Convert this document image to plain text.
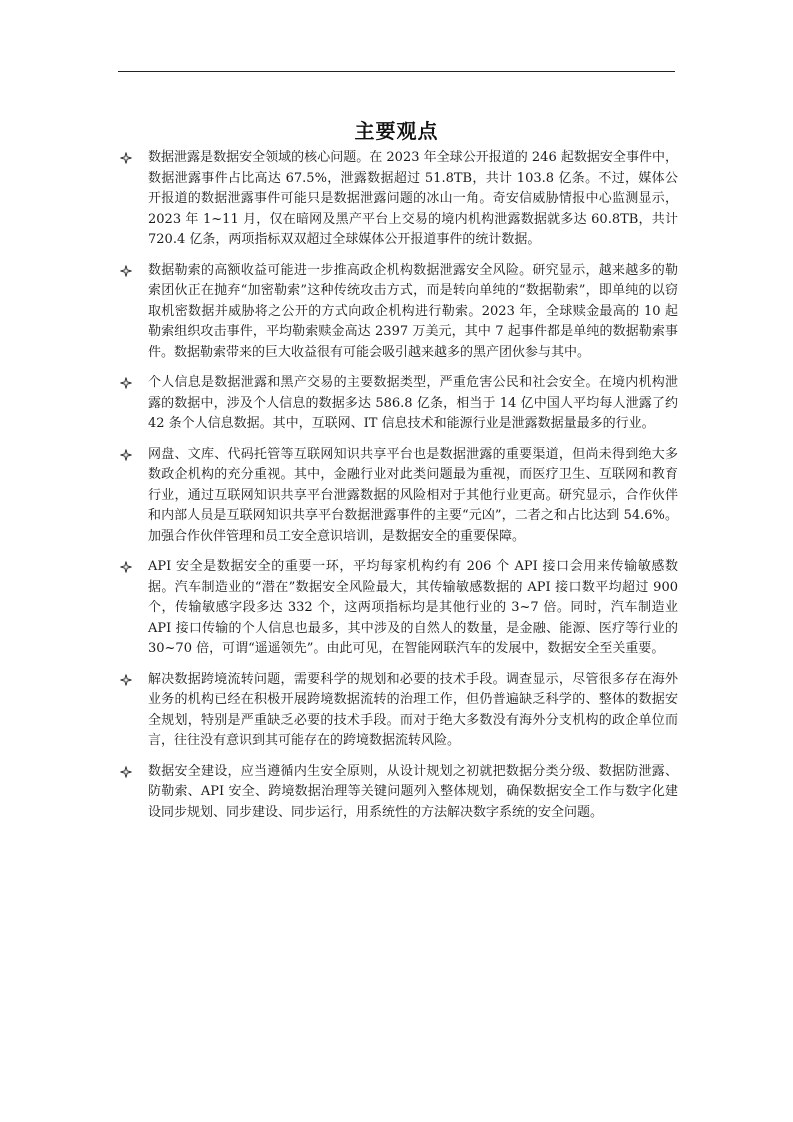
主要观点
数据泄露是数据安全领域的核心问题。在 2023 年全球公开报道的 246 起数据安全事件中，数据泄露事件占比高达 67.5%，泄露数据超过 51.8TB，共计 103.8 亿条。不过，媒体公开报道的数据泄露事件可能只是数据泄露问题的冰山一角。奇安信威胁情报中心监测显示，2023 年 1~11 月，仅在暗网及黑产平台上交易的境内机构泄露数据就多达 60.8TB，共计 720.4 亿条，两项指标双双超过全球媒体公开报道事件的统计数据。
数据勒索的高额收益可能进一步推高政企机构数据泄露安全风险。研究显示，越来越多的勒索团伙正在抛弃“加密勒索”这种传统攻击方式，而是转向单纯的“数据勒索”，即单纯的以窃取机密数据并威胁将之公开的方式向政企机构进行勒索。2023 年，全球赎金最高的 10 起勒索组织攻击事件，平均勒索赎金高达 2397 万美元，其中 7 起事件都是单纯的数据勒索事件。数据勒索带来的巨大收益很有可能会吸引越来越多的黑产团伙参与其中。
个人信息是数据泄露和黑产交易的主要数据类型，严重危害公民和社会安全。在境内机构泄露的数据中，涉及个人信息的数据多达 586.8 亿条，相当于 14 亿中国人平均每人泄露了约 42 条个人信息数据。其中，互联网、IT 信息技术和能源行业是泄露数据量最多的行业。
网盘、文库、代码托管等互联网知识共享平台也是数据泄露的重要渠道，但尚未得到绝大多数政企机构的充分重视。其中，金融行业对此类问题最为重视，而医疗卫生、互联网和教育行业，通过互联网知识共享平台泄露数据的风险相对于其他行业更高。研究显示，合作伙伴和内部人员是互联网知识共享平台数据泄露事件的主要“元凶”，二者之和占比达到 54.6%。加强合作伙伴管理和员工安全意识培训，是数据安全的重要保障。
API 安全是数据安全的重要一环，平均每家机构约有 206 个 API 接口会用来传输敏感数据。汽车制造业的“潜在”数据安全风险最大，其传输敏感数据的 API 接口数平均超过 900 个，传输敏感字段多达 332 个，这两项指标均是其他行业的 3~7 倍。同时，汽车制造业 API 接口传输的个人信息也最多，其中涉及的自然人的数量，是金融、能源、医疗等行业的 30~70 倍，可谓“遥遥领先”。由此可见，在智能网联汽车的发展中，数据安全至关重要。
解决数据跨境流转问题，需要科学的规划和必要的技术手段。调查显示，尽管很多存在海外业务的机构已经在积极开展跨境数据流转的治理工作，但仍普遍缺乏科学的、整体的数据安全规划，特别是严重缺乏必要的技术手段。而对于绝大多数没有海外分支机构的政企单位而言，往往没有意识到其可能存在的跨境数据流转风险。
数据安全建设，应当遵循内生安全原则，从设计规划之初就把数据分类分级、数据防泄露、防勒索、API 安全、跨境数据治理等关键问题列入整体规划，确保数据安全工作与数字化建设同步规划、同步建设、同步运行，用系统性的方法解决数字系统的安全问题。
